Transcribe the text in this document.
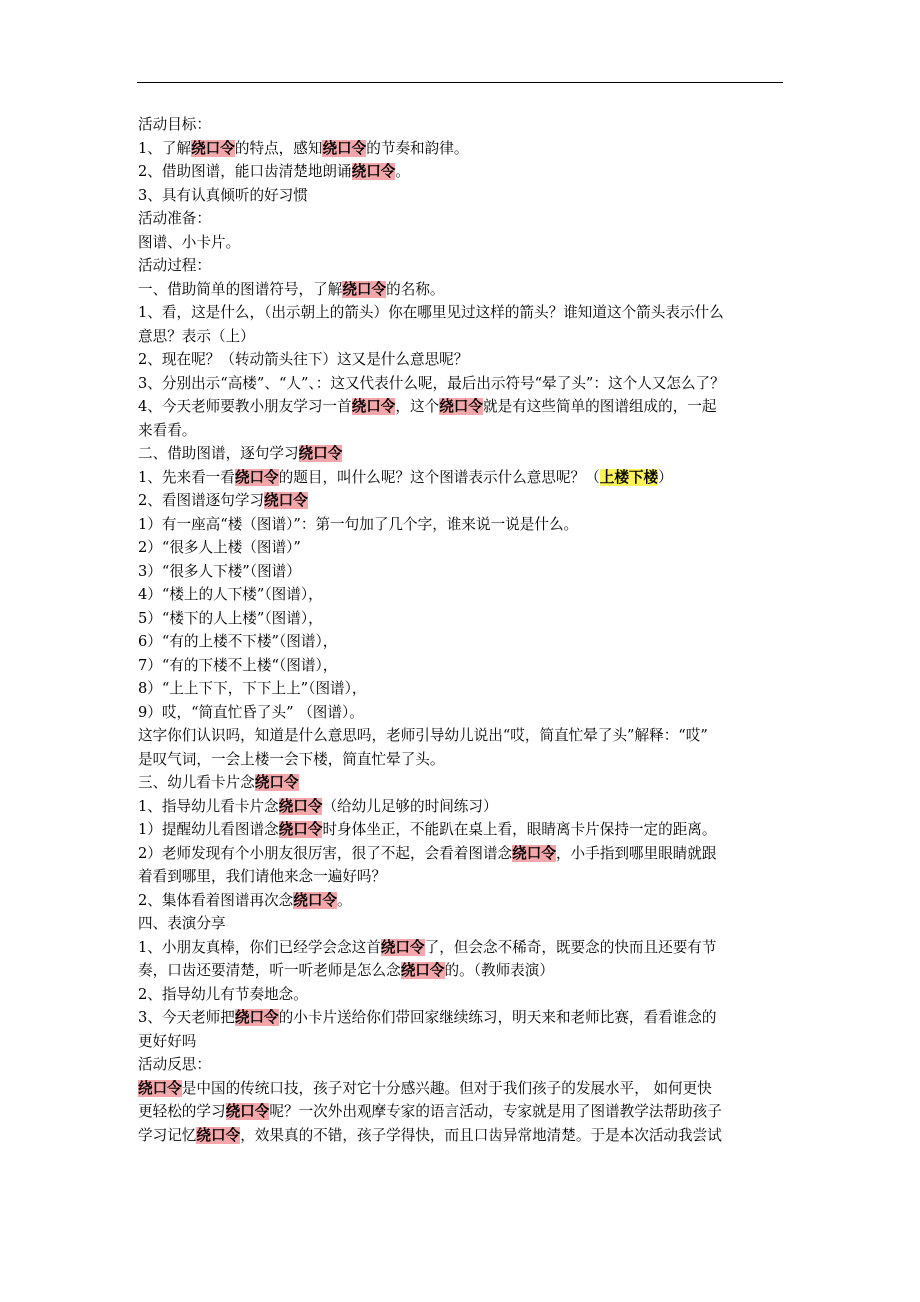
活动目标：
1、了解绕口令的特点，感知绕口令的节奏和韵律。
2、借助图谱，能口齿清楚地朗诵绕口令。
3、具有认真倾听的好习惯
活动准备：
图谱、小卡片。
活动过程：
一、借助简单的图谱符号，了解绕口令的名称。
1、看，这是什么，（出示朝上的箭头）你在哪里见过这样的箭头？谁知道这个箭头表示什么
意思？表示（上）
2、现在呢？（转动箭头往下）这又是什么意思呢？
3、分别出示“高楼”、“人”、：这又代表什么呢，最后出示符号“晕了头”：这个人又怎么了？
4、今天老师要教小朋友学习一首绕口令，这个绕口令就是有这些简单的图谱组成的，一起
来看看。
二、借助图谱，逐句学习绕口令
1、先来看一看绕口令的题目，叫什么呢？这个图谱表示什么意思呢？（上楼下楼）
2、看图谱逐句学习绕口令
1）有一座高“楼（图谱）”：第一句加了几个字，谁来说一说是什么。
2）“很多人上楼（图谱）”
3）“很多人下楼”（图谱）
4）“楼上的人下楼”（图谱），
5）“楼下的人上楼”（图谱），
6）“有的上楼不下楼”（图谱），
7）“有的下楼不上楼“（图谱），
8）“上上下下，下下上上”（图谱），
9）哎，“简直忙昏了头” （图谱）。
这字你们认识吗，知道是什么意思吗，老师引导幼儿说出“哎，简直忙晕了头”解释：“哎”
是叹气词，一会上楼一会下楼，简直忙晕了头。
三、幼儿看卡片念绕口令
1、指导幼儿看卡片念绕口令（给幼儿足够的时间练习）
1）提醒幼儿看图谱念绕口令时身体坐正，不能趴在桌上看，眼睛离卡片保持一定的距离。
2）老师发现有个小朋友很厉害，很了不起，会看着图谱念绕口令，小手指到哪里眼睛就跟
着看到哪里，我们请他来念一遍好吗？
2、集体看着图谱再次念绕口令。
四、表演分享
1、小朋友真棒，你们已经学会念这首绕口令了，但会念不稀奇，既要念的快而且还要有节
奏，口齿还要清楚，听一听老师是怎么念绕口令的。（教师表演）
2、指导幼儿有节奏地念。
3、今天老师把绕口令的小卡片送给你们带回家继续练习，明天来和老师比赛，看看谁念的
更好好吗
活动反思：
绕口令是中国的传统口技，孩子对它十分感兴趣。但对于我们孩子的发展水平， 如何更快
更轻松的学习绕口令呢？一次外出观摩专家的语言活动，专家就是用了图谱教学法帮助孩子
学习记忆绕口令，效果真的不错，孩子学得快，而且口齿异常地清楚。于是本次活动我尝试
